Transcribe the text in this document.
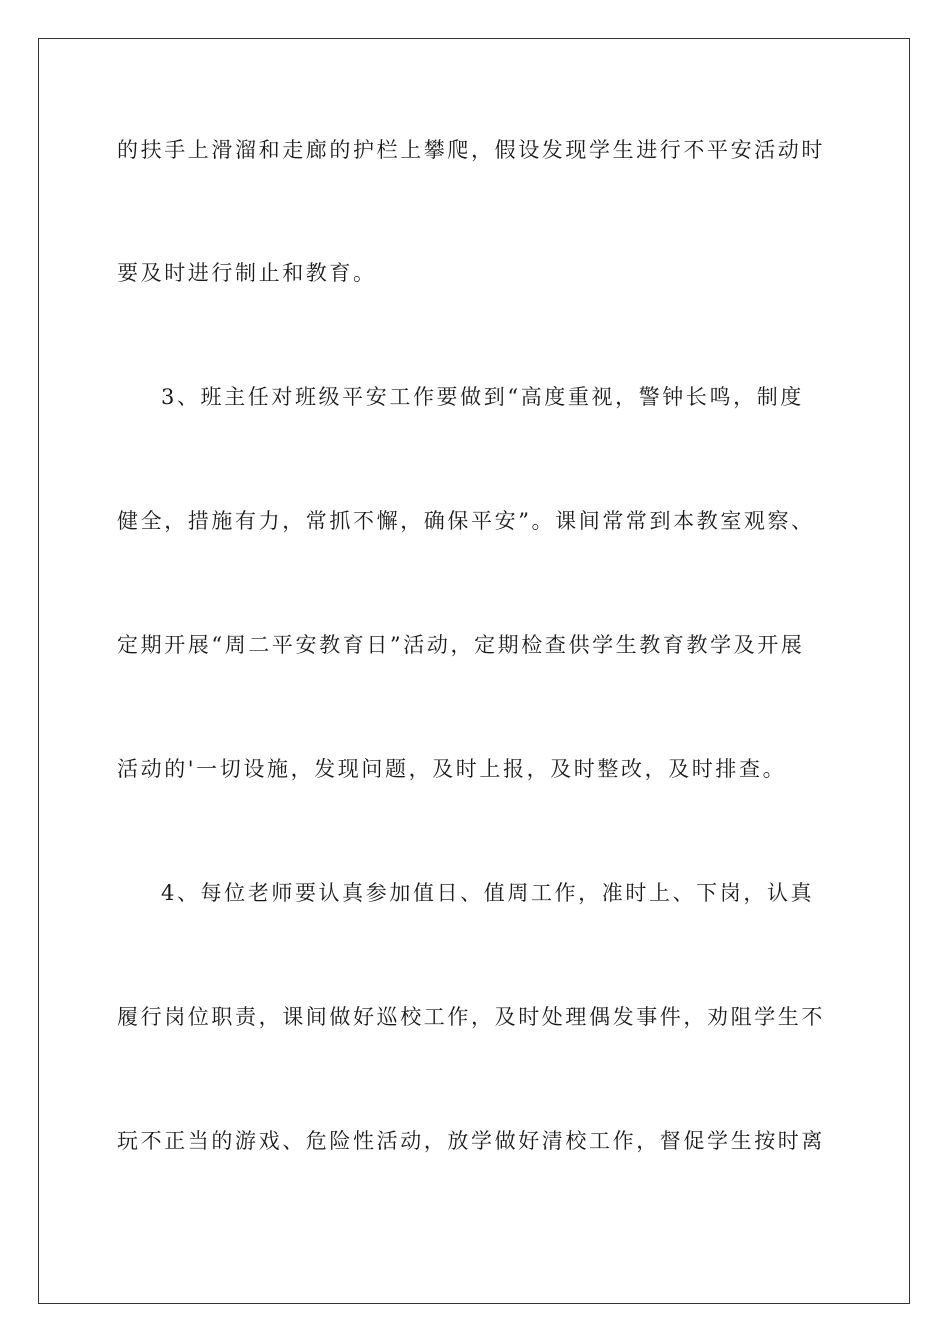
的扶手上滑溜和走廊的护栏上攀爬，假设发现学生进行不平安活动时
要及时进行制止和教育。
3、班主任对班级平安工作要做到“高度重视，警钟长鸣，制度
健全，措施有力，常抓不懈，确保平安”。课间常常到本教室观察、
定期开展“周二平安教育日”活动，定期检查供学生教育教学及开展
活动的'一切设施，发现问题，及时上报，及时整改，及时排查。
4、每位老师要认真参加值日、值周工作，准时上、下岗，认真
履行岗位职责，课间做好巡校工作，及时处理偶发事件，劝阻学生不
玩不正当的游戏、危险性活动，放学做好清校工作，督促学生按时离
